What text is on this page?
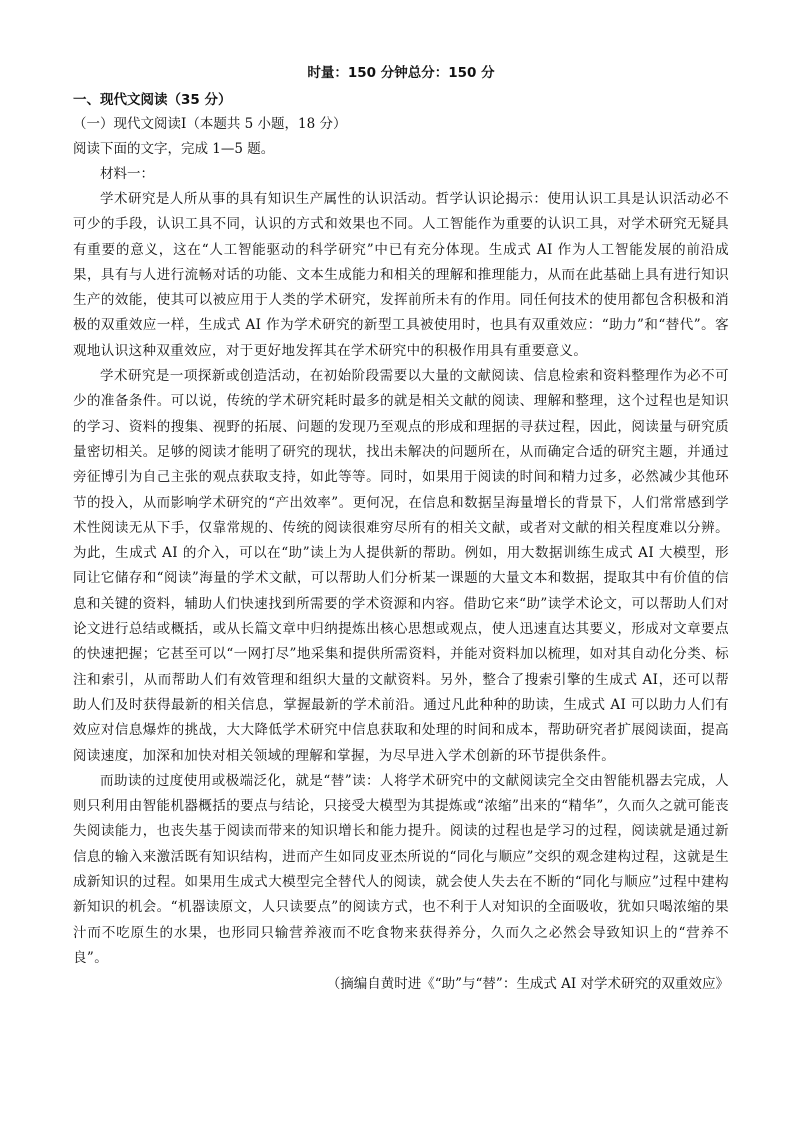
时量：150 分钟总分：150 分

一、现代文阅读（35 分）

（一）现代文阅读Ⅰ（本题共 5 小题，18 分）

阅读下面的文字，完成 1—5 题。

材料一：

学术研究是人所从事的具有知识生产属性的认识活动。哲学认识论揭示：使用认识工具是认识活动必不可少的手段，认识工具不同，认识的方式和效果也不同。人工智能作为重要的认识工具，对学术研究无疑具有重要的意义，这在“人工智能驱动的科学研究”中已有充分体现。生成式 AI 作为人工智能发展的前沿成果，具有与人进行流畅对话的功能、文本生成能力和相关的理解和推理能力，从而在此基础上具有进行知识生产的效能，使其可以被应用于人类的学术研究，发挥前所未有的作用。同任何技术的使用都包含积极和消极的双重效应一样，生成式 AI 作为学术研究的新型工具被使用时，也具有双重效应：“助力”和“替代”。客观地认识这种双重效应，对于更好地发挥其在学术研究中的积极作用具有重要意义。

学术研究是一项探新或创造活动，在初始阶段需要以大量的文献阅读、信息检索和资料整理作为必不可少的准备条件。可以说，传统的学术研究耗时最多的就是相关文献的阅读、理解和整理，这个过程也是知识的学习、资料的搜集、视野的拓展、问题的发现乃至观点的形成和理据的寻获过程，因此，阅读量与研究质量密切相关。足够的阅读才能明了研究的现状，找出未解决的问题所在，从而确定合适的研究主题，并通过旁征博引为自己主张的观点获取支持，如此等等。同时，如果用于阅读的时间和精力过多，必然减少其他环节的投入，从而影响学术研究的“产出效率”。更何况，在信息和数据呈海量增长的背景下，人们常常感到学术性阅读无从下手，仅靠常规的、传统的阅读很难穷尽所有的相关文献，或者对文献的相关程度难以分辨。为此，生成式 AI 的介入，可以在“助”读上为人提供新的帮助。例如，用大数据训练生成式 AI 大模型，形同让它储存和“阅读”海量的学术文献，可以帮助人们分析某一课题的大量文本和数据，提取其中有价值的信息和关键的资料，辅助人们快速找到所需要的学术资源和内容。借助它来“助”读学术论文，可以帮助人们对论文进行总结或概括，或从长篇文章中归纳提炼出核心思想或观点，使人迅速直达其要义，形成对文章要点的快速把握；它甚至可以“一网打尽”地采集和提供所需资料，并能对资料加以梳理，如对其自动化分类、标注和索引，从而帮助人们有效管理和组织大量的文献资料。另外，整合了搜索引擎的生成式 AI，还可以帮助人们及时获得最新的相关信息，掌握最新的学术前沿。通过凡此种种的助读，生成式 AI 可以助力人们有效应对信息爆炸的挑战，大大降低学术研究中信息获取和处理的时间和成本，帮助研究者扩展阅读面，提高阅读速度，加深和加快对相关领域的理解和掌握，为尽早进入学术创新的环节提供条件。

而助读的过度使用或极端泛化，就是“替”读：人将学术研究中的文献阅读完全交由智能机器去完成，人则只利用由智能机器概括的要点与结论，只接受大模型为其提炼或“浓缩”出来的“精华”，久而久之就可能丧失阅读能力，也丧失基于阅读而带来的知识增长和能力提升。阅读的过程也是学习的过程，阅读就是通过新信息的输入来激活既有知识结构，进而产生如同皮亚杰所说的“同化与顺应”交织的观念建构过程，这就是生成新知识的过程。如果用生成式大模型完全替代人的阅读，就会使人失去在不断的“同化与顺应”过程中建构新知识的机会。“机器读原文，人只读要点”的阅读方式，也不利于人对知识的全面吸收，犹如只喝浓缩的果汁而不吃原生的水果，也形同只输营养液而不吃食物来获得养分，久而久之必然会导致知识上的“营养不良”。

（摘编自黄时进《“助”与“替”：生成式 AI 对学术研究的双重效应》
